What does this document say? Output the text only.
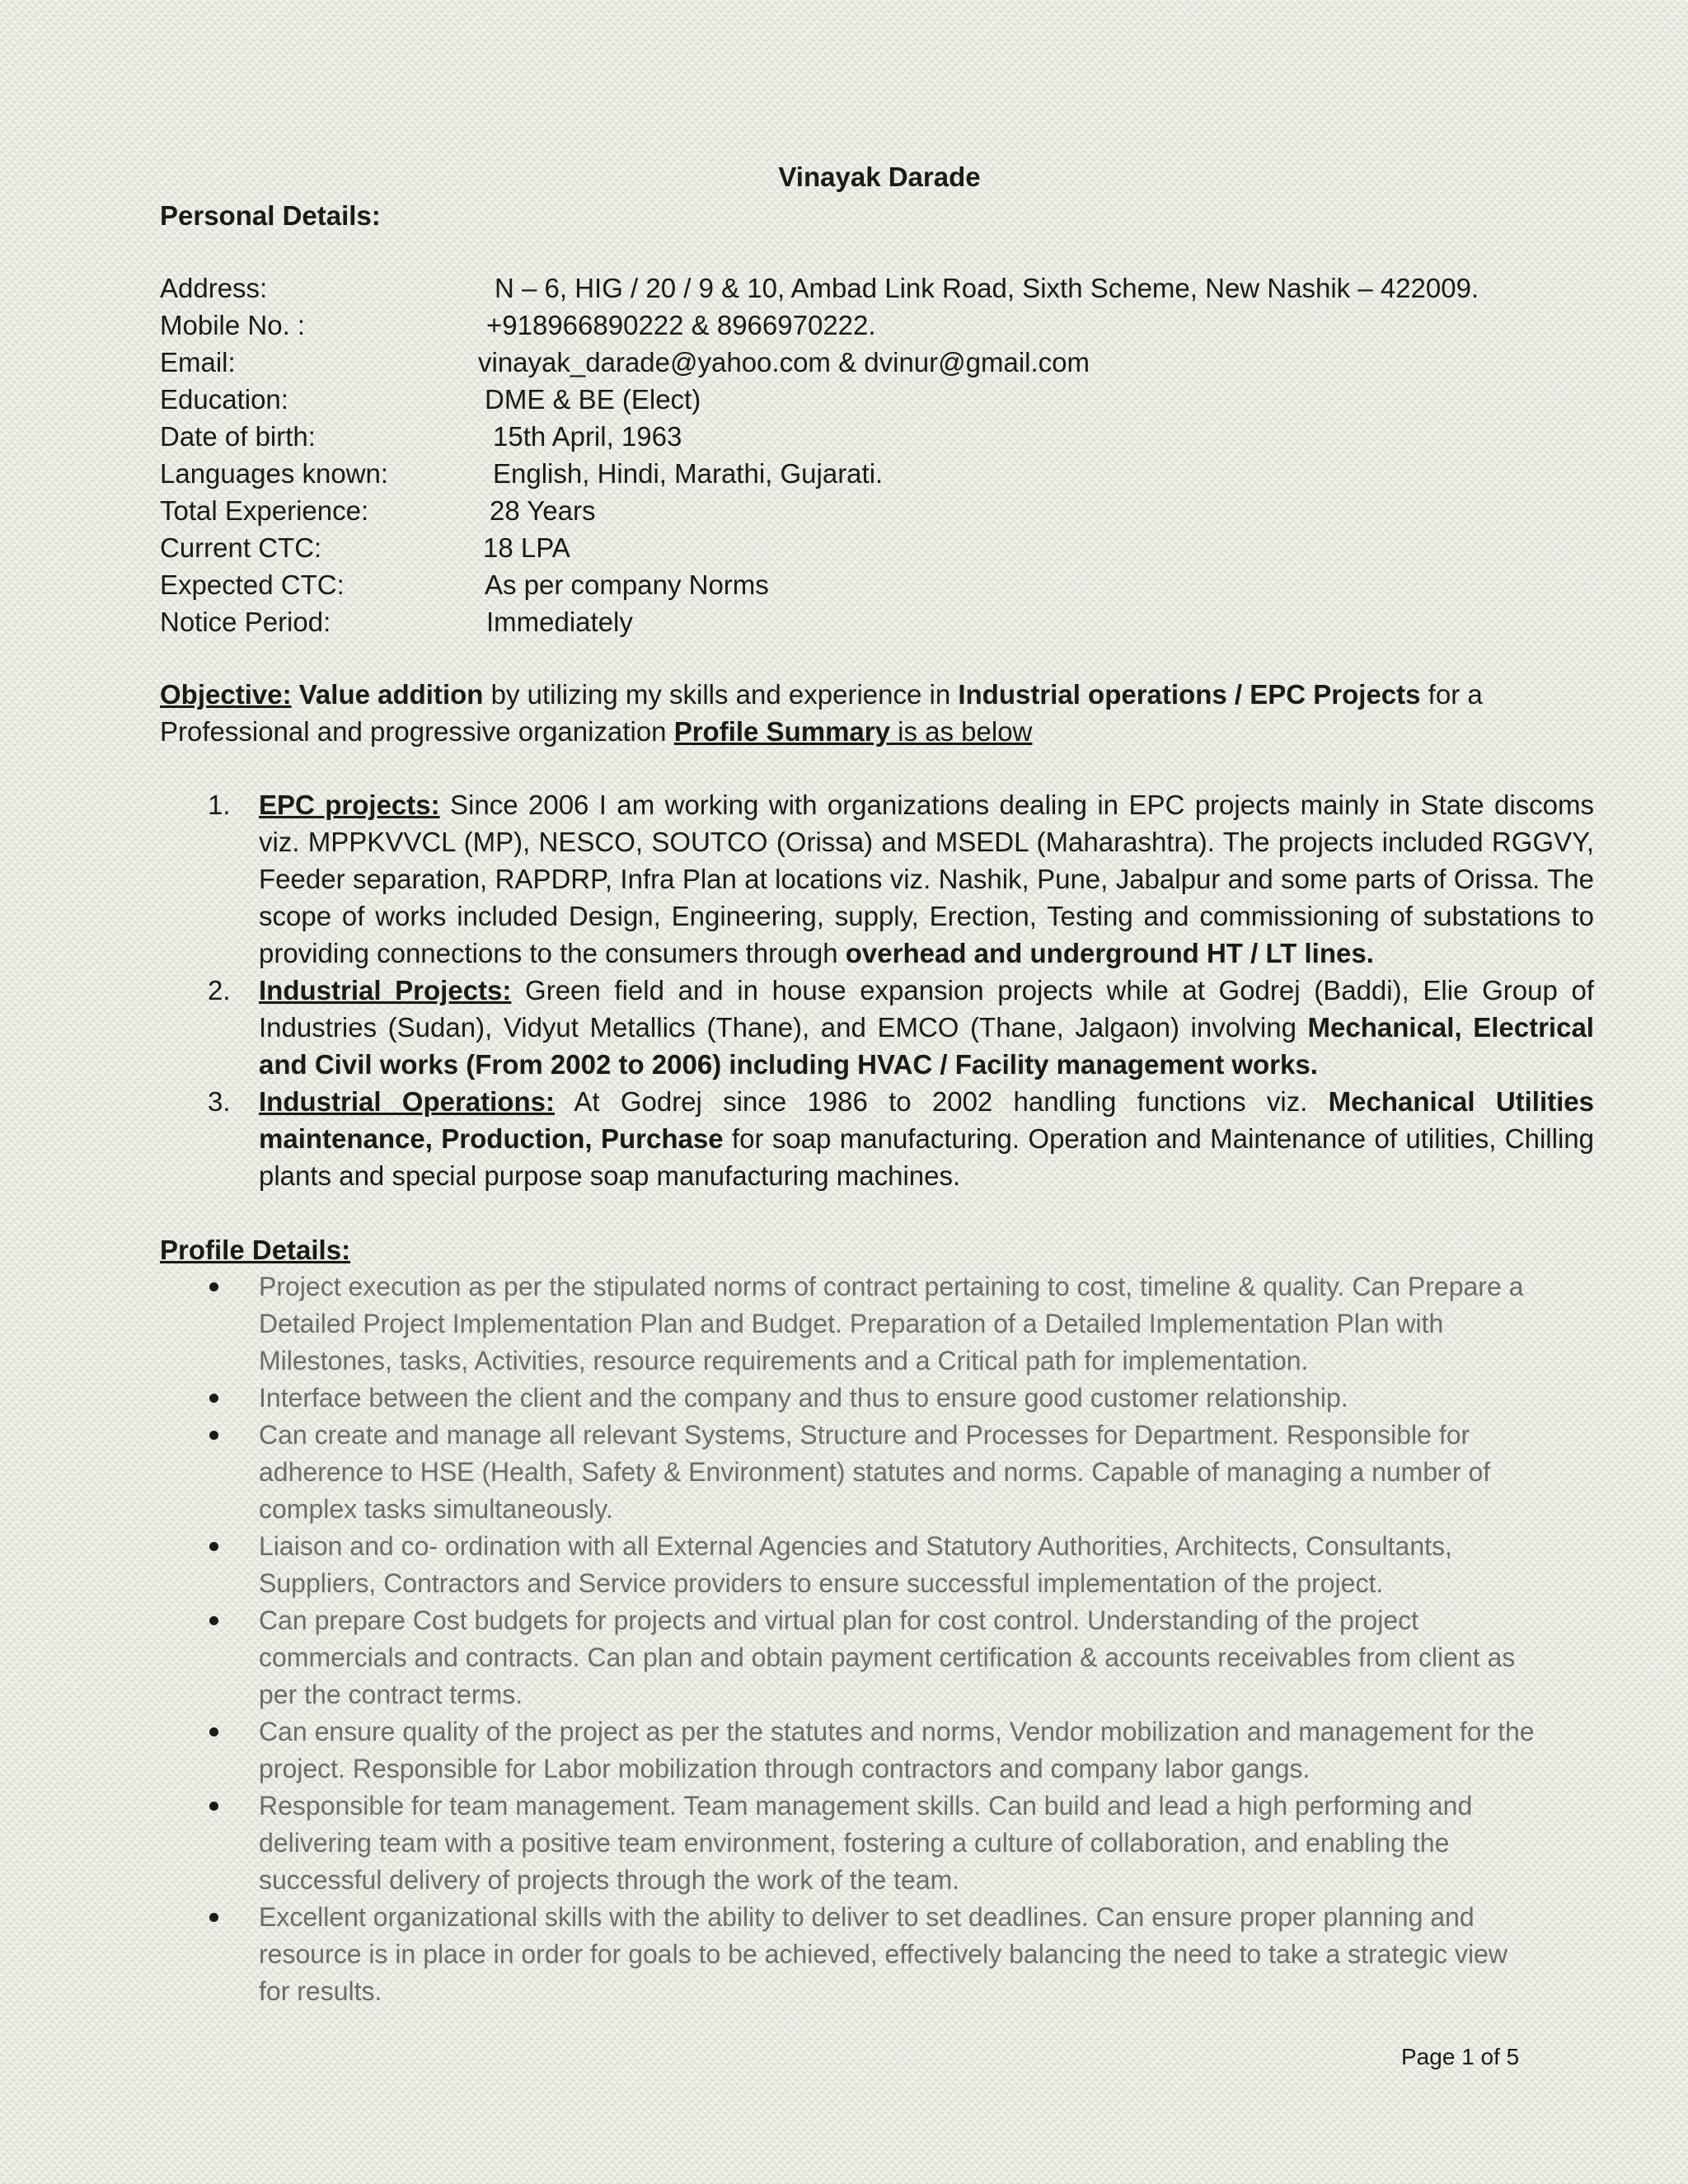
Vinayak Darade
Personal Details:
Address:	N – 6, HIG / 20 / 9 & 10, Ambad Link Road, Sixth Scheme, New Nashik – 422009.
Mobile No. :	+918966890222 & 8966970222.
Email:	vinayak_darade@yahoo.com & dvinur@gmail.com
Education:	DME & BE (Elect)
Date of birth:	15th April, 1963
Languages known:	English, Hindi, Marathi, Gujarati.
Total Experience:	28 Years
Current CTC:	18 LPA
Expected CTC:	As per company Norms
Notice Period:	Immediately
Objective: Value addition by utilizing my skills and experience in Industrial operations / EPC Projects for a Professional and progressive organization Profile Summary is as below
1. EPC projects: Since 2006 I am working with organizations dealing in EPC projects mainly in State discoms viz. MPPKVVCL (MP), NESCO, SOUTCO (Orissa) and MSEDL (Maharashtra). The projects included RGGVY, Feeder separation, RAPDRP, Infra Plan at locations viz. Nashik, Pune, Jabalpur and some parts of Orissa. The scope of works included Design, Engineering, supply, Erection, Testing and commissioning of substations to providing connections to the consumers through overhead and underground HT / LT lines.
2. Industrial Projects: Green field and in house expansion projects while at Godrej (Baddi), Elie Group of Industries (Sudan), Vidyut Metallics (Thane), and EMCO (Thane, Jalgaon) involving Mechanical, Electrical and Civil works (From 2002 to 2006) including HVAC / Facility management works.
3. Industrial Operations: At Godrej since 1986 to 2002 handling functions viz. Mechanical Utilities maintenance, Production, Purchase for soap manufacturing. Operation and Maintenance of utilities, Chilling plants and special purpose soap manufacturing machines.
Profile Details:
Project execution as per the stipulated norms of contract pertaining to cost, timeline & quality. Can Prepare a Detailed Project Implementation Plan and Budget. Preparation of a Detailed Implementation Plan with Milestones, tasks, Activities, resource requirements and a Critical path for implementation.
Interface between the client and the company and thus to ensure good customer relationship.
Can create and manage all relevant Systems, Structure and Processes for Department. Responsible for adherence to HSE (Health, Safety & Environment) statutes and norms. Capable of managing a number of complex tasks simultaneously.
Liaison and co- ordination with all External Agencies and Statutory Authorities, Architects, Consultants, Suppliers, Contractors and Service providers to ensure successful implementation of the project.
Can prepare Cost budgets for projects and virtual plan for cost control. Understanding of the project commercials and contracts. Can plan and obtain payment certification & accounts receivables from client as per the contract terms.
Can ensure quality of the project as per the statutes and norms, Vendor mobilization and management for the project. Responsible for Labor mobilization through contractors and company labor gangs.
Responsible for team management. Team management skills. Can build and lead a high performing and delivering team with a positive team environment, fostering a culture of collaboration, and enabling the successful delivery of projects through the work of the team.
Excellent organizational skills with the ability to deliver to set deadlines. Can ensure proper planning and resource is in place in order for goals to be achieved, effectively balancing the need to take a strategic view for results.
Page 1 of 5
